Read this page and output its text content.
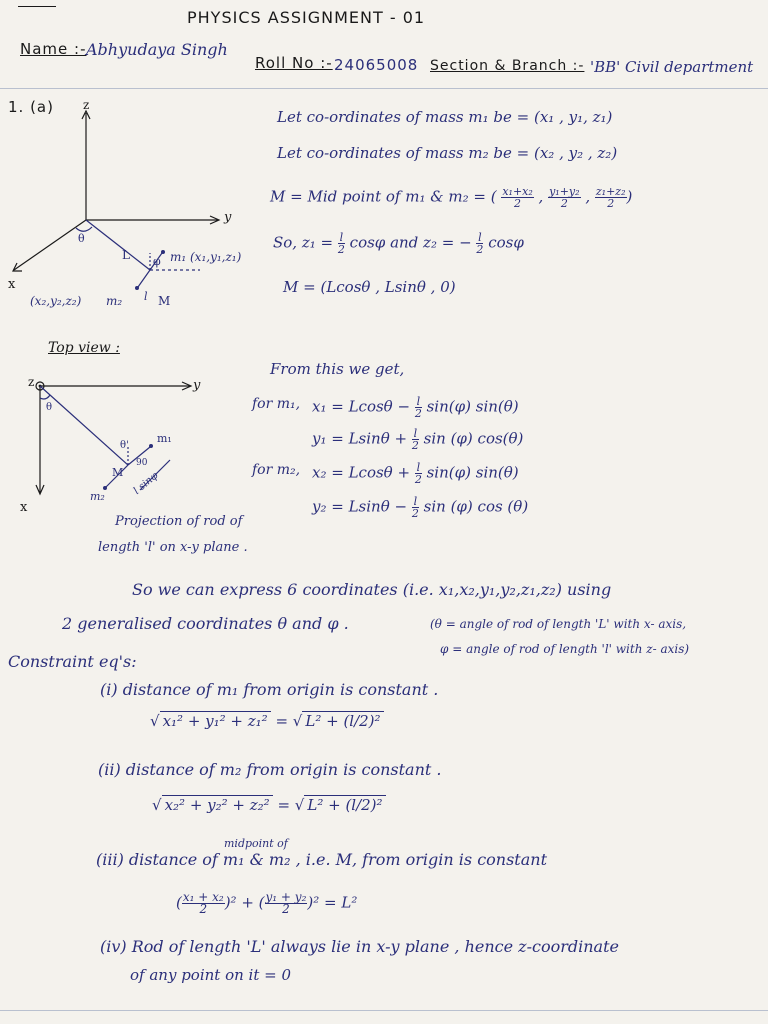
PHYSICS ASSIGNMENT - 01
Name :- Abhyudaya Singh
Roll No :- 24065008 Section & Branch :- 'BB' Civil department
1. (a) z
y
x
θ
L φ m₁ (x₁,y₁,z₁)
(x₂,y₂,z₂) m₂ l M
Let co-ordinates of mass m₁ be = (x₁ , y₁, z₁)
Let co-ordinates of mass m₂ be = (x₂ , y₂ , z₂)
M = Mid point of m₁ & m₂ = ( $\frac{\text{x₁+x₂}}{2}$ , $\frac{\text{y₁+y₂}}{2}$ , $\frac{\text{z₁+z₂}}{2}$ )
So, $z_1 = \frac{l}{2}$ cosφ and z₂ = − $\frac{l}{2}$ cosφ
M = (Lcosθ , Lsinθ , 0)
Top view :
z	y
x
θ
θ'
m₁
M
90
l sinφ
m₂
Projection of rod of
length 'l' on x-y plane .
From this we get,
for m₁, $x_1 = Lcos\theta - \frac{l}{2} \sin(\varphi)$ sin(θ)
$y_1 = Lsin\theta + \frac{l}{2}$ sin (φ) cos(θ)
for m₂, $x_2 = Lcos\theta + \frac{l}{2} \sin(\varphi)$ sin(θ)
$y_2 = Lsin\theta - \frac{l}{2}$ sin (φ) cos (θ)
So we can express 6 coordinates (i.e. x₁,x₂,y₁,y₂,z₁,z₂) using
2 generalised coordinates θ and φ .	(θ = angle of rod of length 'L' with x- axis,
φ = angle of rod of length 'l' with z- axis)
Constraint eq's:
(i) distance of m₁ from origin is constant .
√ x₁² + y₁² + z₁² = √ L² + (l/2)²
(ii) distance of m₂ from origin is constant .
√ x₂² + y₂² + z₂² = √ L² + (l/2)²
midpoint of
(iii) distance of m₁ & m₂ , i.e. M, from origin is constant
( $\frac{\text{x₁ + x₂}}{2} )^2$ + ( $\frac{\text{y₁ + y₂}}{2} )^2 = L^2$
(iv) Rod of length 'L' always lie in x-y plane , hence z-coordinate
of any point on it = 0
